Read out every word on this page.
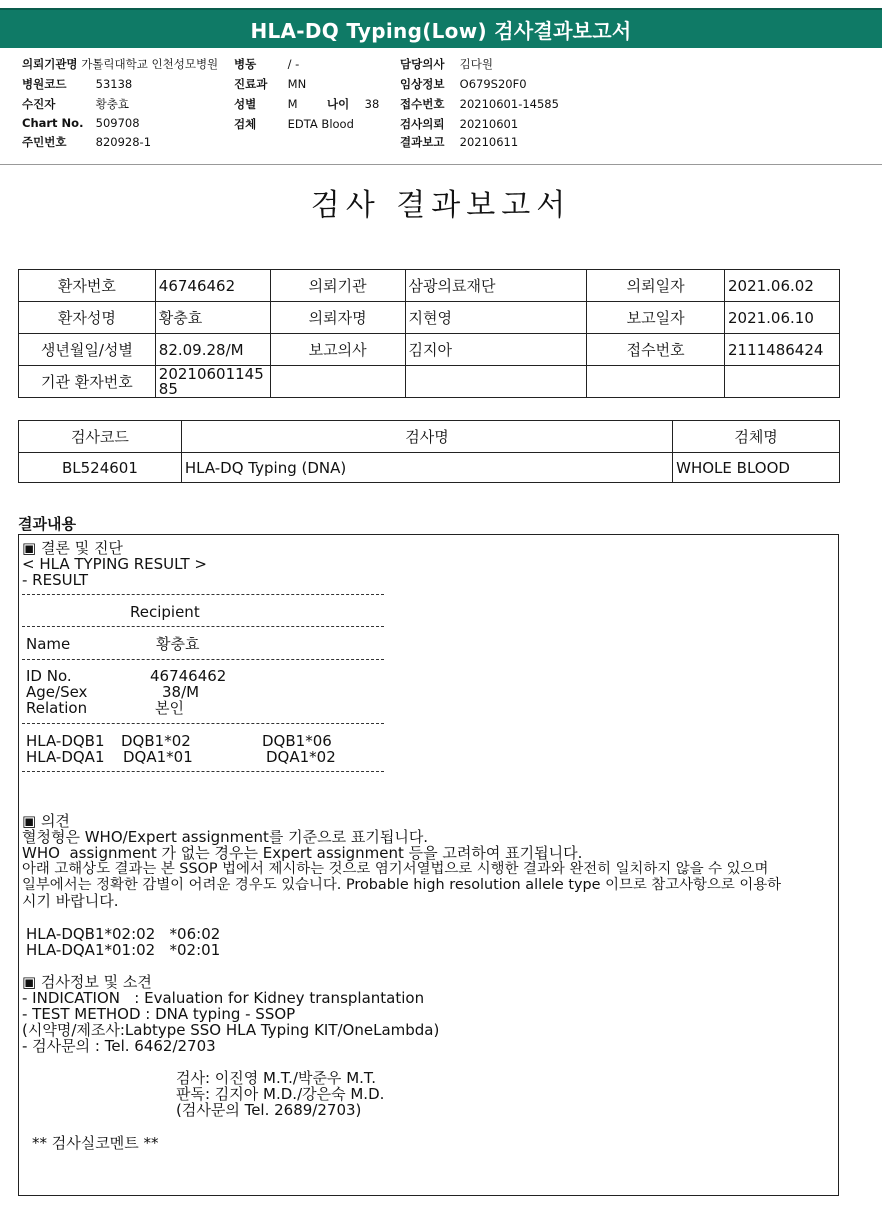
HLA-DQ Typing(Low) 검사결과보고서
의뢰기관명 가톨릭대학교 인천성모병원 병동	/ -	담당의사 김다원
병원코드	53138	진료과 MN	임상정보 O679S20F0
수진자	황충효	성별	M	나이 38 접수번호 20210601-14585
Chart No. 509708	검체	EDTA Blood	검사의뢰 20210601
주민번호	820928-1	결과보고 20210611
검사 결과보고서
환자번호	46746462	의뢰기관	삼광의료재단	의뢰일자	2021.06.02
환자성명	황충효	의뢰자명	지현영	보고일자	2021.06.10
생년월일/성별	82.09.28/M	보고의사	김지아	접수번호	2111486424
기관 환자번호	20210601145 85				
검사코드	검사명	검체명
BL524601	HLA-DQ Typing (DNA)	WHOLE BLOOD
결과내용
▣ 결론 및 진단
< HLA TYPING RESULT >
- RESULT
Recipient
Name	황충효
ID No.	46746462
Age/Sex	38/M
Relation	본인
HLA-DQB1 DQB1*02	DQB1*06
HLA-DQA1 DQA1*01	DQA1*02
▣ 의견
혈청형은 WHO/Expert assignment를 기준으로 표기됩니다.
WHO  assignment 가 없는 경우는 Expert assignment 등을 고려하여 표기됩니다.
아래 고해상도 결과는 본 SSOP 법에서 제시하는 것으로 염기서열법으로 시행한 결과와 완전히 일치하지 않을 수 있으며
일부에서는 정확한 감별이 어려운 경우도 있습니다. Probable high resolution allele type 이므로 참고사항으로 이용하
시기 바랍니다.
HLA-DQB1*02:02   *06:02
HLA-DQA1*01:02   *02:01
▣ 검사정보 및 소견
- INDICATION   : Evaluation for Kidney transplantation
- TEST METHOD : DNA typing - SSOP
(시약명/제조사:Labtype SSO HLA Typing KIT/OneLambda)
- 검사문의 : Tel. 6462/2703
검사: 이진영 M.T./박준우 M.T.
판독: 김지아 M.D./강은숙 M.D.
(검사문의 Tel. 2689/2703)
** 검사실코멘트 **
